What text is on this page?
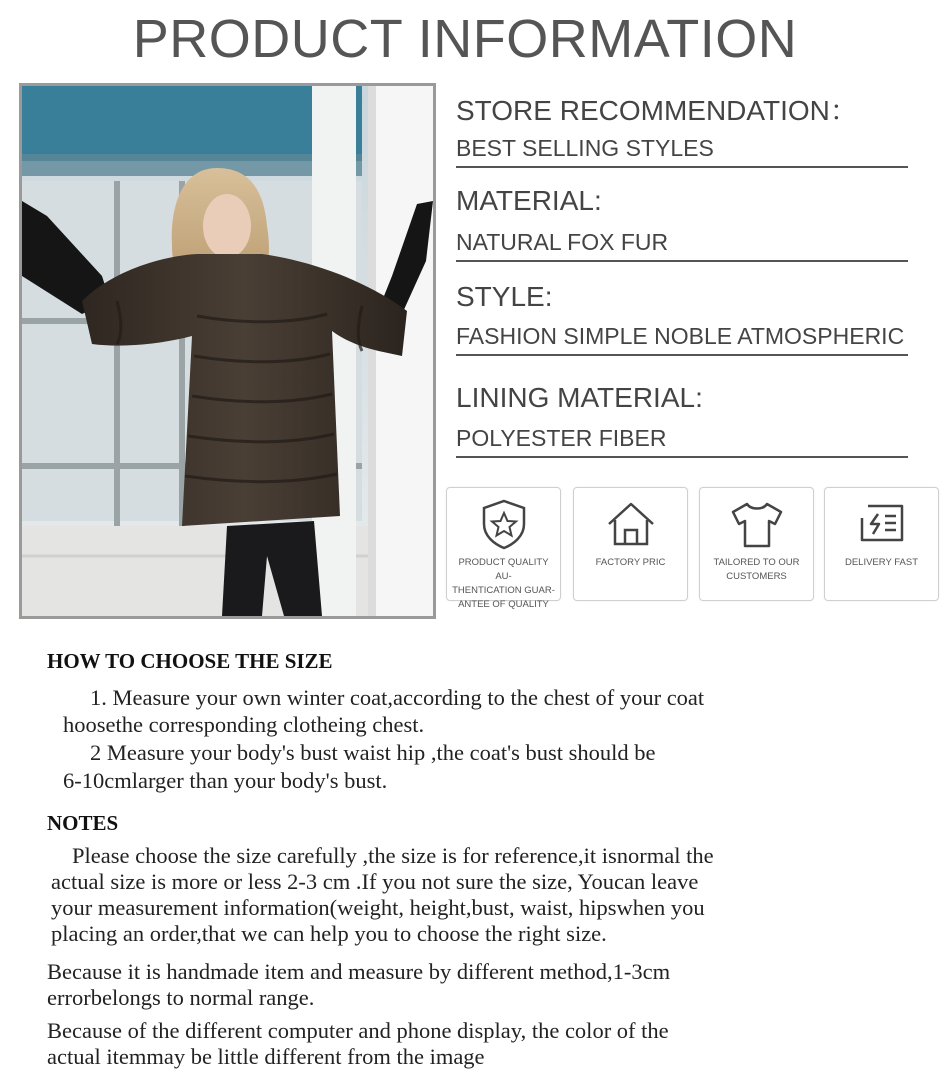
PRODUCT INFORMATION
STORE RECOMMENDATION：
BEST SELLING STYLES
MATERIAL:
NATURAL FOX FUR
STYLE:
FASHION SIMPLE NOBLE ATMOSPHERIC
LINING MATERIAL:
POLYESTER FIBER
PRODUCT QUALITY AU-
THENTICATION GUAR-
ANTEE OF QUALITY
FACTORY PRIC	TAILORED TO OUR
CUSTOMERS
DELIVERY FAST
HOW TO CHOOSE THE SIZE
1. Measure your own winter coat,according to the chest of your coat
hoosethe corresponding clotheing chest.
2 Measure your body's bust waist hip ,the coat's bust should be
6-10cmlarger than your body's bust.
NOTES
Please choose the size carefully ,the size is for reference,it isnormal the
actual size is more or less 2-3 cm .If you not sure the size, Youcan leave
your measurement information(weight, height,bust, waist, hipswhen you
placing an order,that we can help you to choose the right size.
Because it is handmade item and measure by different method,1-3cm
errorbelongs to normal range.
Because of the different computer and phone display, the color of the
actual itemmay be little different from the image
